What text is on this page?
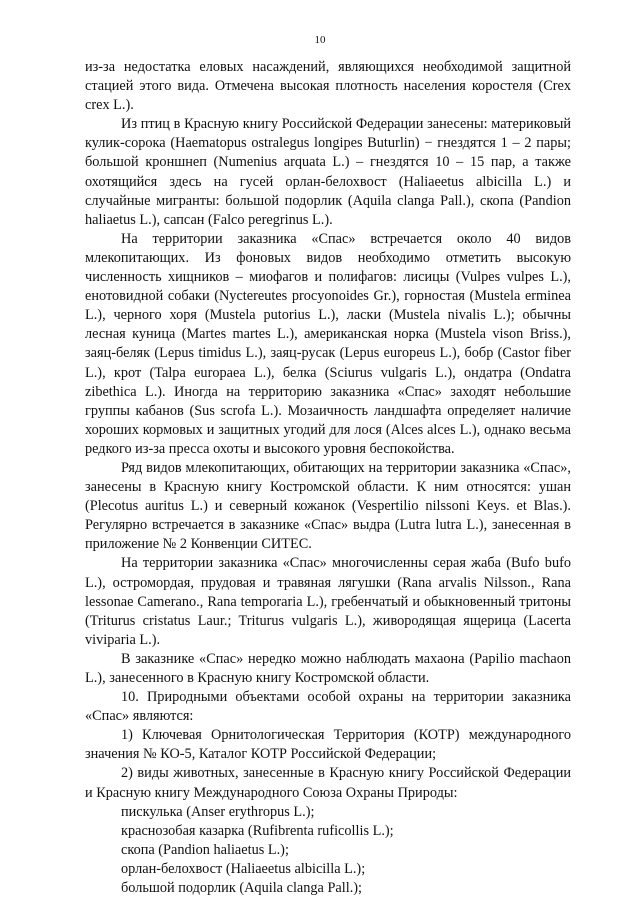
10

из-за недостатка еловых насаждений, являющихся необходимой защитной стацией этого вида. Отмечена высокая плотность населения коростеля (Crex crex L.).

Из птиц в Красную книгу Российской Федерации занесены: материковый кулик-сорока (Haematopus ostralegus longipes Buturlin) − гнездятся 1 – 2 пары; большой кроншнеп (Numenius arquata L.) – гнездятся 10 – 15 пар, а также охотящийся здесь на гусей орлан-белохвост (Haliaeetus albicilla L.) и случайные мигранты: большой подорлик (Aquila clanga Pall.), скопа (Pandion haliaetus L.), сапсан (Falco peregrinus L.).

На территории заказника «Спас» встречается около 40 видов млекопитающих. Из фоновых видов необходимо отметить высокую численность хищников – миофагов и полифагов: лисицы (Vulpes vulpes L.), енотовидной собаки (Nyctereutes procyonoides Gr.), горностая (Mustela erminea L.), черного хоря (Mustela putorius L.), ласки (Mustela nivalis L.); обычны лесная куница (Martes martes L.), американская норка (Mustela vison Briss.), заяц-беляк (Lepus timidus L.), заяц-русак (Lepus europeus L.), бобр (Castor fiber L.), крот (Talpa europaea L.), белка (Sciurus vulgaris L.), ондатра (Ondatra zibethica L.). Иногда на территорию заказника «Спас» заходят небольшие группы кабанов (Sus scrofa L.). Мозаичность ландшафта определяет наличие хороших кормовых и защитных угодий для лося (Alces alces L.), однако весьма редкого из-за пресса охоты и высокого уровня беспокойства.

Ряд видов млекопитающих, обитающих на территории заказника «Спас», занесены в Красную книгу Костромской области. К ним относятся: ушан (Plecotus auritus L.) и северный кожанок (Vespertilio nilssoni Keys. et Blas.). Регулярно встречается в заказнике «Спас» выдра (Lutra lutra L.), занесенная в приложение № 2 Конвенции СИТЕС.

На территории заказника «Спас» многочисленны серая жаба (Bufo bufo L.), остромордая, прудовая и травяная лягушки (Rana arvalis Nilsson., Rana lessonae Camerano., Rana temporaria L.), гребенчатый и обыкновенный тритоны (Triturus cristatus Laur.; Triturus vulgaris L.), живородящая ящерица (Lacerta viviparia L.).

В заказнике «Спас» нередко можно наблюдать махаона (Papilio machaon L.), занесенного в Красную книгу Костромской области.

10. Природными объектами особой охраны на территории заказника «Спас» являются:

1) Ключевая Орнитологическая Территория (КОТР) международного значения № КО-5, Каталог КОТР Российской Федерации;

2) виды животных, занесенные в Красную книгу Российской Федерации и Красную книгу Международного Союза Охраны Природы:

пискулька (Anser erythropus L.);

краснозобая казарка (Rufibrenta ruficollis L.);

скопа (Pandion haliaetus L.);

орлан-белохвост (Haliaeetus albicilla L.);

большой подорлик (Aquila clanga Pall.);
